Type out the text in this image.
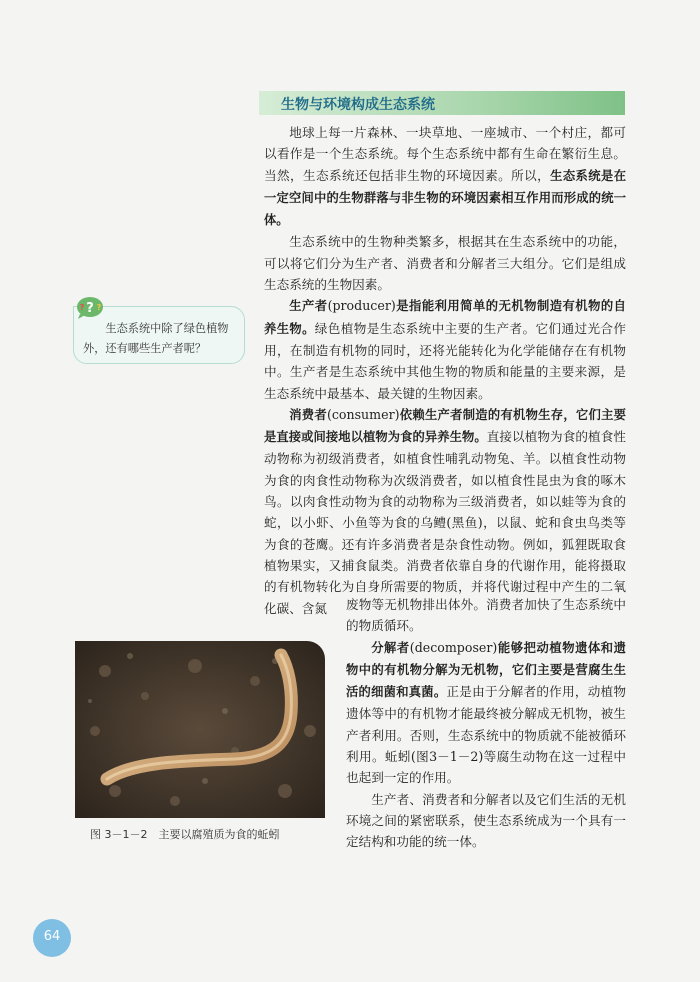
生物与环境构成生态系统

地球上每一片森林、一块草地、一座城市、一个村庄，都可以看作是一个生态系统。每个生态系统中都有生命在繁衍生息。当然，生态系统还包括非生物的环境因素。所以，生态系统是在一定空间中的生物群落与非生物的环境因素相互作用而形成的统一体。

生态系统中的生物种类繁多，根据其在生态系统中的功能，可以将它们分为生产者、消费者和分解者三大组分。它们是组成生态系统的生物因素。

生产者(producer)是指能利用简单的无机物制造有机物的自养生物。绿色植物是生态系统中主要的生产者。它们通过光合作用，在制造有机物的同时，还将光能转化为化学能储存在有机物中。生产者是生态系统中其他生物的物质和能量的主要来源，是生态系统中最基本、最关键的生物因素。

消费者(consumer)依赖生产者制造的有机物生存，它们主要是直接或间接地以植物为食的异养生物。直接以植物为食的植食性动物称为初级消费者，如植食性哺乳动物兔、羊。以植食性动物为食的肉食性动物称为次级消费者，如以植食性昆虫为食的啄木鸟。以肉食性动物为食的动物称为三级消费者，如以蛙等为食的蛇，以小虾、小鱼等为食的乌鳢(黑鱼)，以鼠、蛇和食虫鸟类等为食的苍鹰。还有许多消费者是杂食性动物。例如，狐狸既取食植物果实，又捕食鼠类。消费者依靠自身的代谢作用，能将摄取的有机物转化为自身所需要的物质，并将代谢过程中产生的二氧化碳、含氮	废物等无机物排出体外。消费者加快了生态系统中的物质循环。

分解者(decomposer)能够把动植物遗体和遗物中的有机物分解为无机物，它们主要是营腐生生活的细菌和真菌。正是由于分解者的作用，动植物遗体等中的有机物才能最终被分解成无机物，被生产者利用。否则，生态系统中的物质就不能被循环利用。蚯蚓(图3－1－2)等腐生动物在这一过程中也起到一定的作用。

生产者、消费者和分解者以及它们生活的无机环境之间的紧密联系，使生态系统成为一个具有一定结构和功能的统一体。

?
? ?
生态系统中除了绿色植物外，还有哪些生产者呢？
图 3－1－2　主要以腐殖质为食的蚯蚓
64
